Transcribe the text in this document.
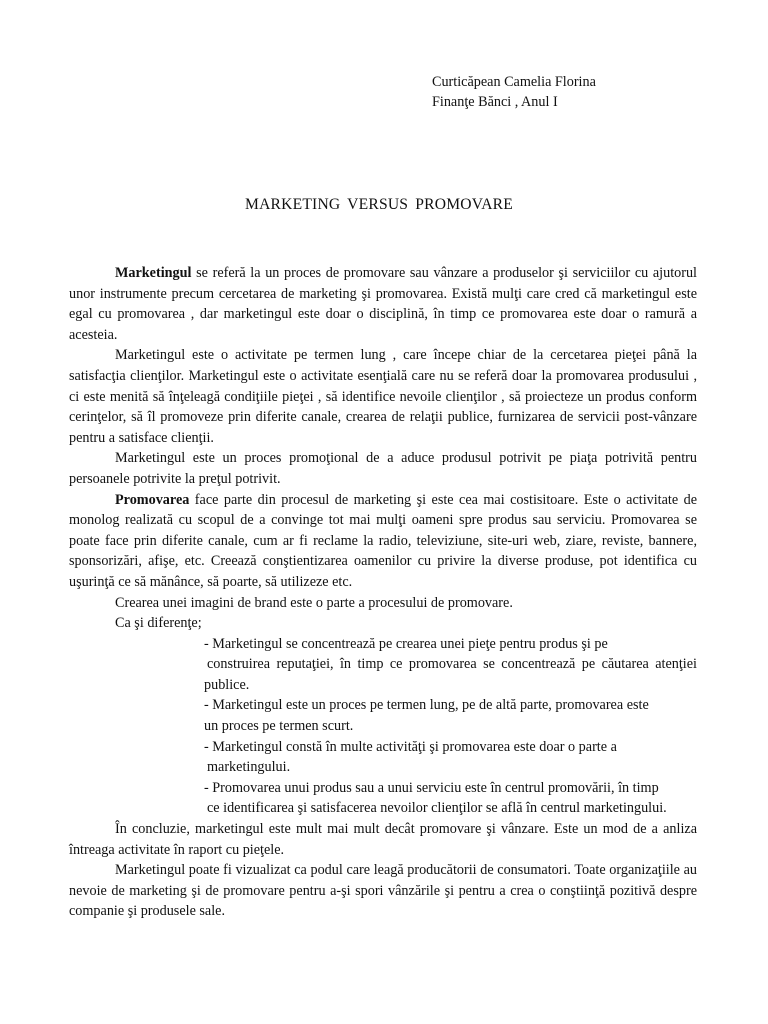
Curticăpean Camelia Florina
Finanţe Bănci , Anul I
MARKETING VERSUS PROMOVARE

Marketingul se referă la un proces de promovare sau vânzare a produselor şi serviciilor cu ajutorul unor instrumente precum cercetarea de marketing şi promovarea. Există mulţi care cred că marketingul este egal cu promovarea , dar marketingul este doar o disciplină, în timp ce promovarea este doar o ramură a acesteia.

Marketingul este o activitate pe termen lung , care începe chiar de la cercetarea pieţei până la satisfacţia clienţilor. Marketingul este o activitate esenţială care nu se referă doar la promovarea produsului , ci este menită să înţeleagă condiţiile pieţei , să identifice nevoile clienţilor , să proiecteze un produs conform cerinţelor, să îl promoveze prin diferite canale, crearea de relaţii publice, furnizarea de servicii post-vânzare pentru a satisface clienţii.

Marketingul este un proces promoţional de a aduce produsul potrivit pe piaţa potrivită pentru persoanele potrivite la preţul potrivit.

Promovarea face parte din procesul de marketing şi este cea mai costisitoare. Este o activitate de monolog realizată cu scopul de a convinge tot mai mulţi oameni spre produs sau serviciu. Promovarea se poate face prin diferite canale, cum ar fi reclame la radio, televiziune, site-uri web, ziare, reviste, bannere, sponsorizări, afişe, etc. Creează conştientizarea oamenilor cu privire la diverse produse, pot identifica cu uşurinţă ce să mănânce, să poarte, să utilizeze etc.

Crearea unei imagini de brand este o parte a procesului de promovare.

Ca şi diferenţe;

- Marketingul se concentrează pe crearea unei pieţe pentru produs şi pe
construirea reputaţiei, în timp ce promovarea se concentrează pe căutarea atenţiei publice.

- Marketingul este un proces pe termen lung, pe de altă parte, promovarea este
un proces pe termen scurt.

- Marketingul constă în multe activităţi şi promovarea este doar o parte a
marketingului.

- Promovarea unui produs sau a unui serviciu este în centrul promovării, în timp
ce identificarea şi satisfacerea nevoilor clienţilor se află în centrul marketingului.

În concluzie, marketingul este mult mai mult decât promovare şi vânzare. Este un mod de a anliza întreaga activitate în raport cu pieţele.

Marketingul poate fi vizualizat ca podul care leagă producătorii de consumatori. Toate organizaţiile au nevoie de marketing şi de promovare pentru a-şi spori vânzările şi pentru a crea o conştiinţă pozitivă despre companie şi produsele sale.
